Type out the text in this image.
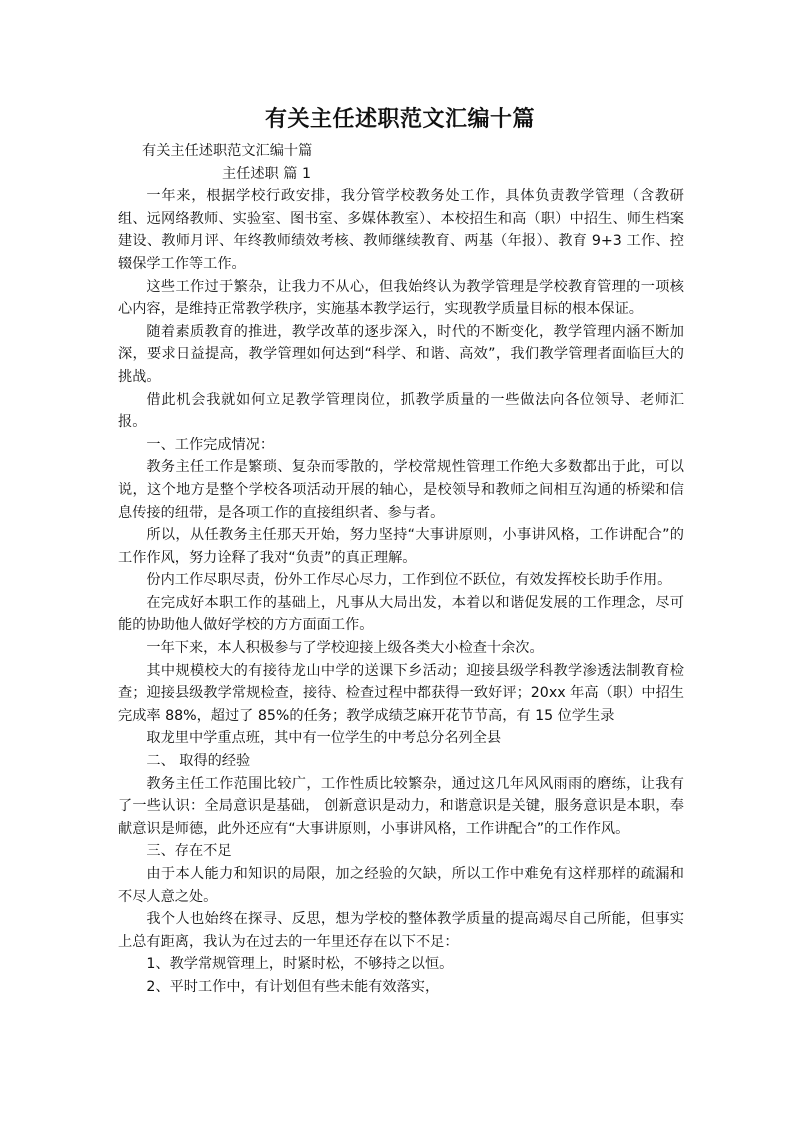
有关主任述职范文汇编十篇

有关主任述职范文汇编十篇

主任述职 篇 1

一年来，根据学校行政安排，我分管学校教务处工作，具体负责教学管理（含教研组、远网络教师、实验室、图书室、多媒体教室）、本校招生和高（职）中招生、师生档案建设、教师月评、年终教师绩效考核、教师继续教育、两基（年报）、教育 9+3 工作、控辍保学工作等工作。

这些工作过于繁杂，让我力不从心，但我始终认为教学管理是学校教育管理的一项核心内容，是维持正常教学秩序，实施基本教学运行，实现教学质量目标的根本保证。

随着素质教育的推进，教学改革的逐步深入，时代的不断变化，教学管理内涵不断加深，要求日益提高，教学管理如何达到“科学、和谐、高效”，我们教学管理者面临巨大的挑战。

借此机会我就如何立足教学管理岗位，抓教学质量的一些做法向各位领导、老师汇报。

一、工作完成情况：

教务主任工作是繁琐、复杂而零散的，学校常规性管理工作绝大多数都出于此，可以说，这个地方是整个学校各项活动开展的轴心，是校领导和教师之间相互沟通的桥梁和信息传接的纽带，是各项工作的直接组织者、参与者。

所以，从任教务主任那天开始，努力坚持“大事讲原则，小事讲风格，工作讲配合”的工作作风，努力诠释了我对“负责”的真正理解。

份内工作尽职尽责，份外工作尽心尽力，工作到位不跃位，有效发挥校长助手作用。

在完成好本职工作的基础上，凡事从大局出发，本着以和谐促发展的工作理念，尽可能的协助他人做好学校的方方面面工作。

一年下来，本人积极参与了学校迎接上级各类大小检查十余次。

其中规模校大的有接待龙山中学的送课下乡活动；迎接县级学科教学渗透法制教育检查；迎接县级教学常规检查，接待、检查过程中都获得一致好评；20xx 年高（职）中招生完成率 88%，超过了 85%的任务；教学成绩芝麻开花节节高，有 15 位学生录

取龙里中学重点班，其中有一位学生的中考总分名列全县

二、 取得的经验

教务主任工作范围比较广，工作性质比较繁杂，通过这几年风风雨雨的磨练，让我有了一些认识：全局意识是基础， 创新意识是动力，和谐意识是关键，服务意识是本职，奉献意识是师德，此外还应有“大事讲原则，小事讲风格，工作讲配合”的工作作风。

三、存在不足

由于本人能力和知识的局限，加之经验的欠缺，所以工作中难免有这样那样的疏漏和不尽人意之处。

我个人也始终在探寻、反思，想为学校的整体教学质量的提高竭尽自己所能，但事实上总有距离，我认为在过去的一年里还存在以下不足：

1、教学常规管理上，时紧时松，不够持之以恒。

2、平时工作中，有计划但有些未能有效落实，
